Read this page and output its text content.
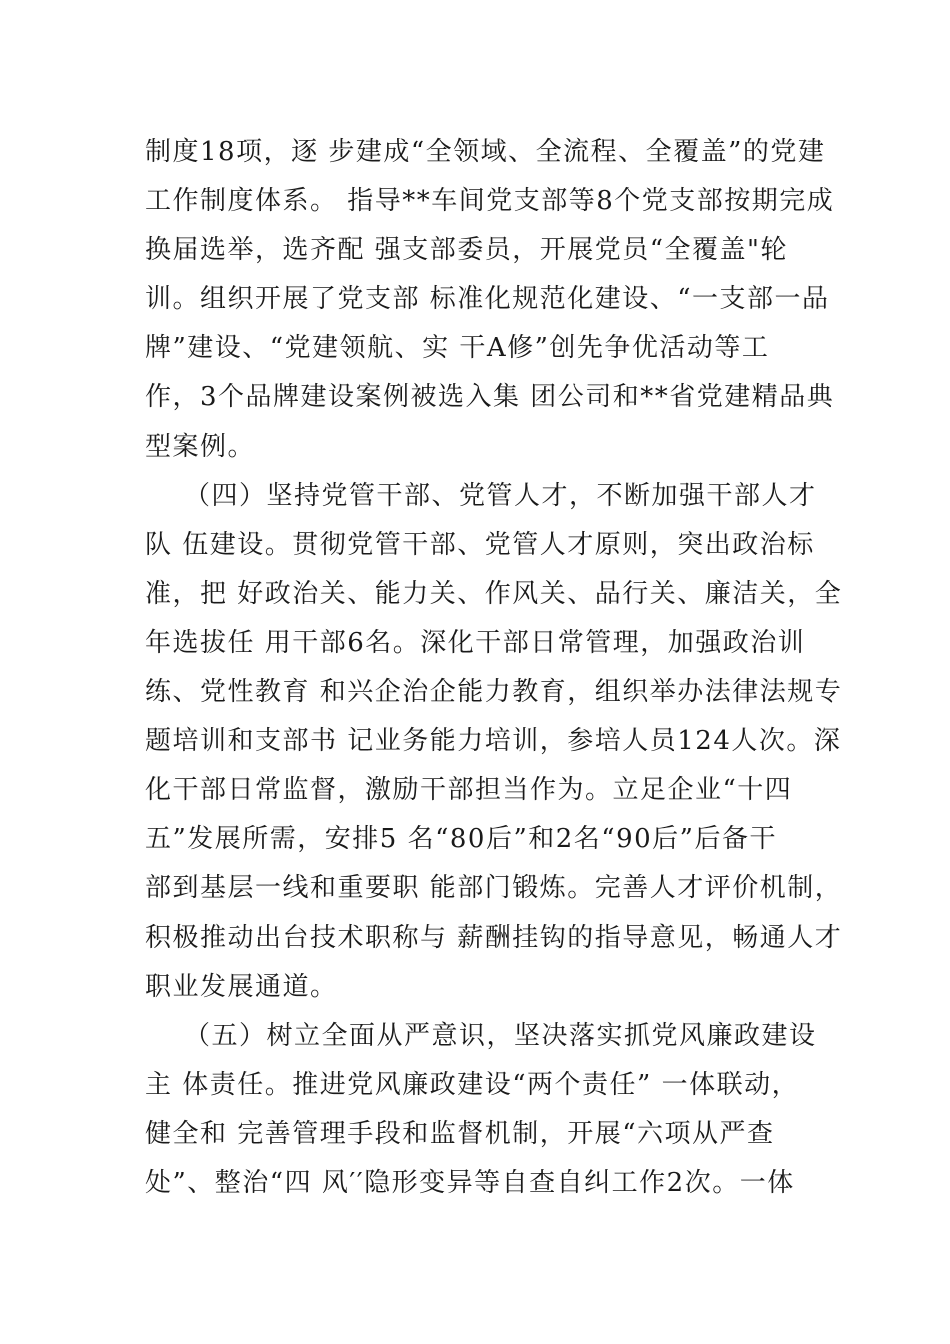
制度18项，逐 步建成“全领域、全流程、全覆盖”的党建
工作制度体系。 指导**车间党支部等8个党支部按期完成
换届选举，选齐配 强支部委员，开展党员“全覆盖"轮
训。组织开展了党支部 标准化规范化建设、“一支部一品
牌”建设、“党建领航、实 干A修”创先争优活动等工
作，3个品牌建设案例被选入集 团公司和**省党建精品典
型案例。
（四）坚持党管干部、党管人才，不断加强干部人才
队 伍建设。贯彻党管干部、党管人才原则，突出政治标
准，把 好政治关、能力关、作风关、品行关、廉洁关，全
年选拔任 用干部6名。深化干部日常管理，加强政治训
练、党性教育 和兴企治企能力教育，组织举办法律法规专
题培训和支部书 记业务能力培训，参培人员124人次。深
化干部日常监督，激励干部担当作为。立足企业“十四
五”发展所需，安排5 名“80后”和2名“90后”后备干
部到基层一线和重要职 能部门锻炼。完善人才评价机制，
积极推动出台技术职称与 薪酬挂钩的指导意见，畅通人才
职业发展通道。
（五）树立全面从严意识，坚决落实抓党风廉政建设
主 体责任。推进党风廉政建设“两个责任” 一体联动，
健全和 完善管理手段和监督机制，开展“六项从严查
处”、整治“四 风′′隐形变异等自查自纠工作2次。一体
